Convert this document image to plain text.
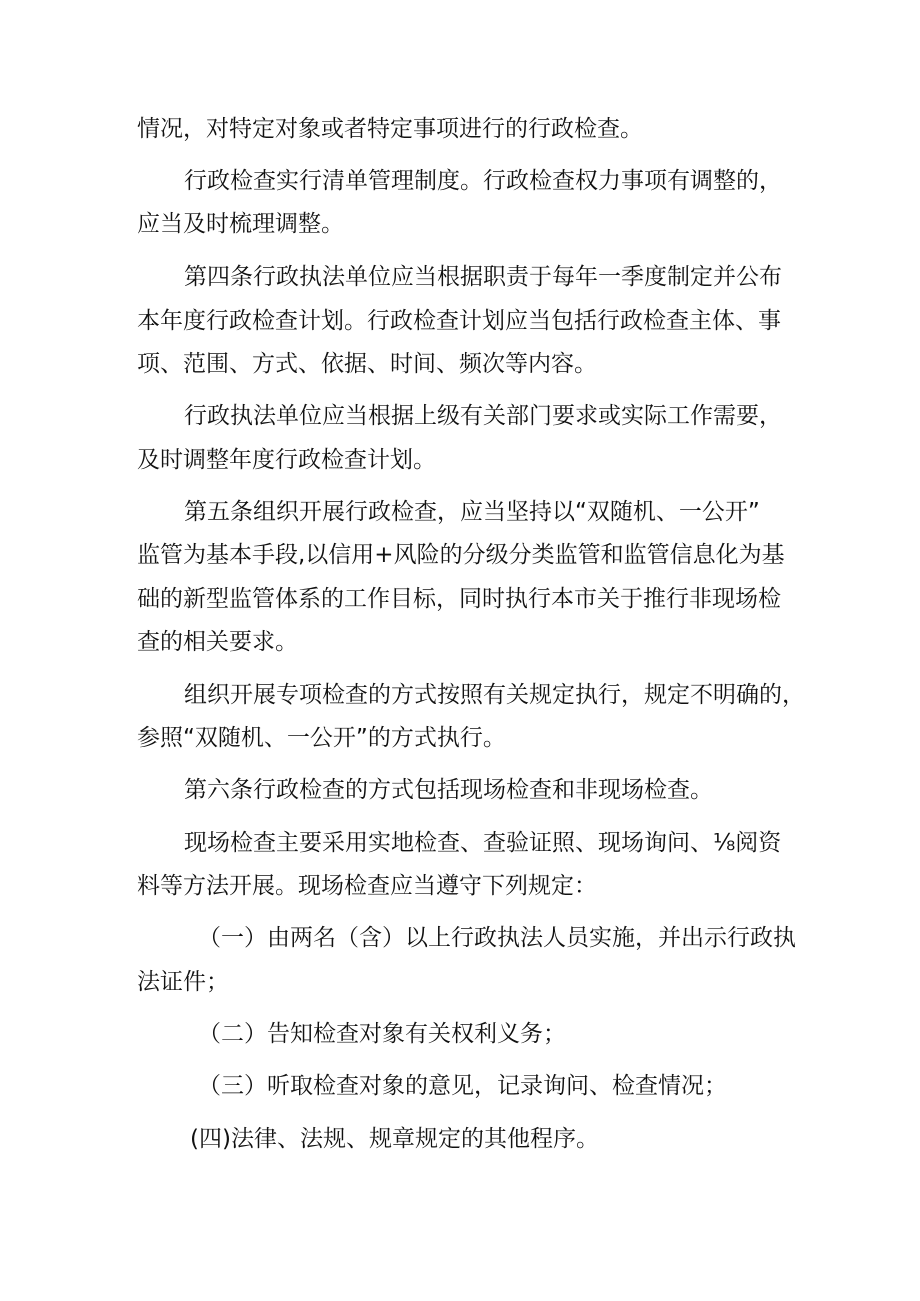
情况，对特定对象或者特定事项进行的行政检查。
行政检查实行清单管理制度。行政检查权力事项有调整的，
应当及时梳理调整。
第四条行政执法单位应当根据职责于每年一季度制定并公布
本年度行政检查计划。行政检查计划应当包括行政检查主体、事
项、范围、方式、依据、时间、频次等内容。
行政执法单位应当根据上级有关部门要求或实际工作需要，
及时调整年度行政检查计划。
第五条组织开展行政检查，应当坚持以“双随机、一公开”
监管为基本手段,以信用+风险的分级分类监管和监管信息化为基
础的新型监管体系的工作目标，同时执行本市关于推行非现场检
查的相关要求。
组织开展专项检查的方式按照有关规定执行，规定不明确的，
参照“双随机、一公开”的方式执行。
第六条行政检查的方式包括现场检查和非现场检查。
现场检查主要采用实地检查、查验证照、现场询问、⅛阅资
料等方法开展。现场检查应当遵守下列规定：
（一）由两名（含）以上行政执法人员实施，并出示行政执
法证件；
（二）告知检查对象有关权利义务；
（三）听取检查对象的意见，记录询问、检查情况；
(四)法律、法规、规章规定的其他程序。
